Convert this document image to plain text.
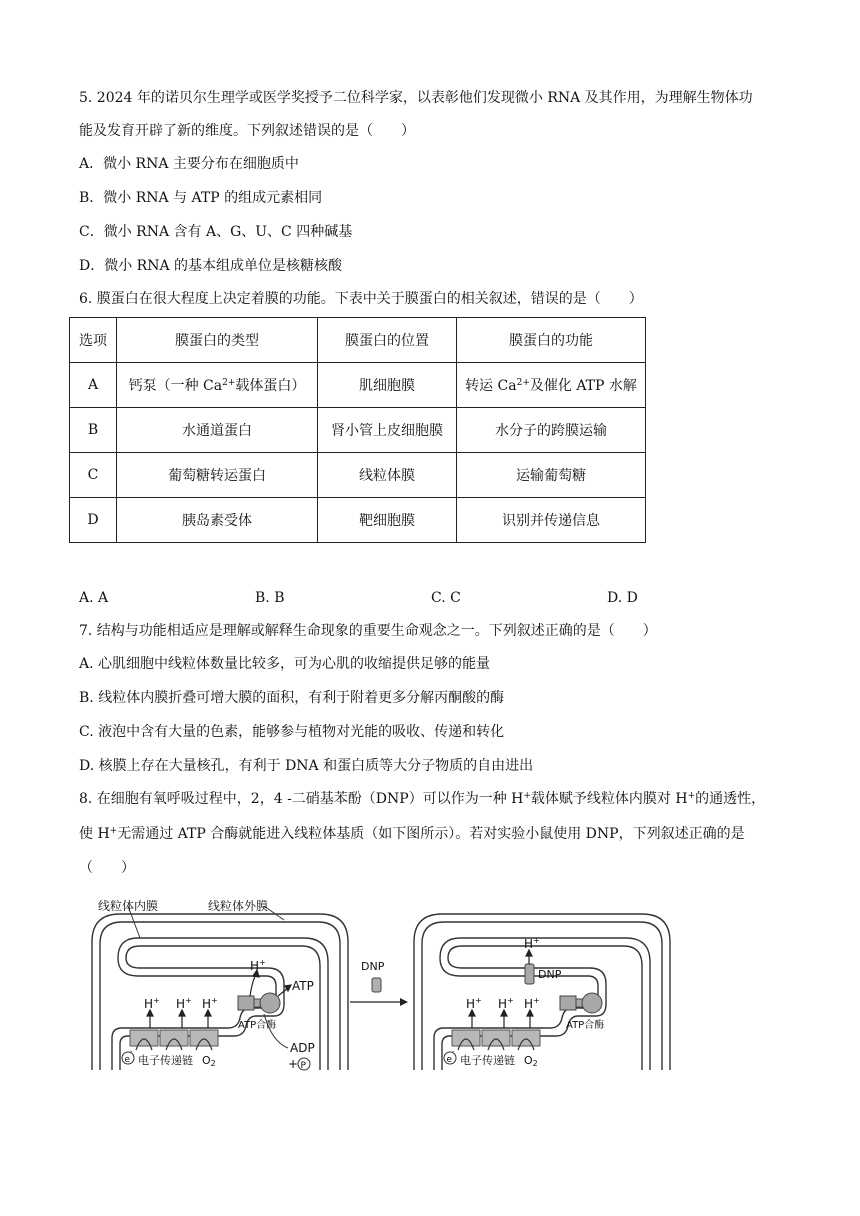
5. 2024 年的诺贝尔生理学或医学奖授予二位科学家，以表彰他们发现微小 RNA 及其作用，为理解生物体功
能及发育开辟了新的维度。下列叙述错误的是（　　）
A．微小 RNA 主要分布在细胞质中
B．微小 RNA 与 ATP 的组成元素相同
C．微小 RNA 含有 A、G、U、C 四种碱基
D．微小 RNA 的基本组成单位是核糖核酸
6. 膜蛋白在很大程度上决定着膜的功能。下表中关于膜蛋白的相关叙述，错误的是（　　）
选项	膜蛋白的类型	膜蛋白的位置	膜蛋白的功能
A	钙泵（一种 $Ca^{2+}$载体蛋白）	肌细胞膜	转运 $Ca^{2+}$及催化 ATP 水解
B	水通道蛋白	肾小管上皮细胞膜	水分子的跨膜运输
C	葡萄糖转运蛋白	线粒体膜	运输葡萄糖
D	胰岛素受体	靶细胞膜	识别并传递信息
A. A	B. B	C. C	D. D
7. 结构与功能相适应是理解或解释生命现象的重要生命观念之一。下列叙述正确的是（　　）
A. 心肌细胞中线粒体数量比较多，可为心肌的收缩提供足够的能量
B. 线粒体内膜折叠可增大膜的面积，有利于附着更多分解丙酮酸的酶
C. 液泡中含有大量的色素，能够参与植物对光能的吸收、传递和转化
D. 核膜上存在大量核孔，有利于 DNA 和蛋白质等大分子物质的自由进出
8. 在细胞有氧呼吸过程中，2，4 -二硝基苯酚（DNP）可以作为一种 H+载体赋予线粒体内膜对 H+的通透性，
使 H+无需通过 ATP 合酶就能进入线粒体基质（如下图所示）。若对实验小鼠使用 DNP，下列叙述正确的是
（　　）
线粒体内膜	线粒体外膜
H+ H+ H+
H+
ATP
ADP
+ P
ATP合酶
e
-
电子传递链 O2
DNP
H+ H+ H+
H+
DNP
ATP合酶
e
-
电子传递链 O2
